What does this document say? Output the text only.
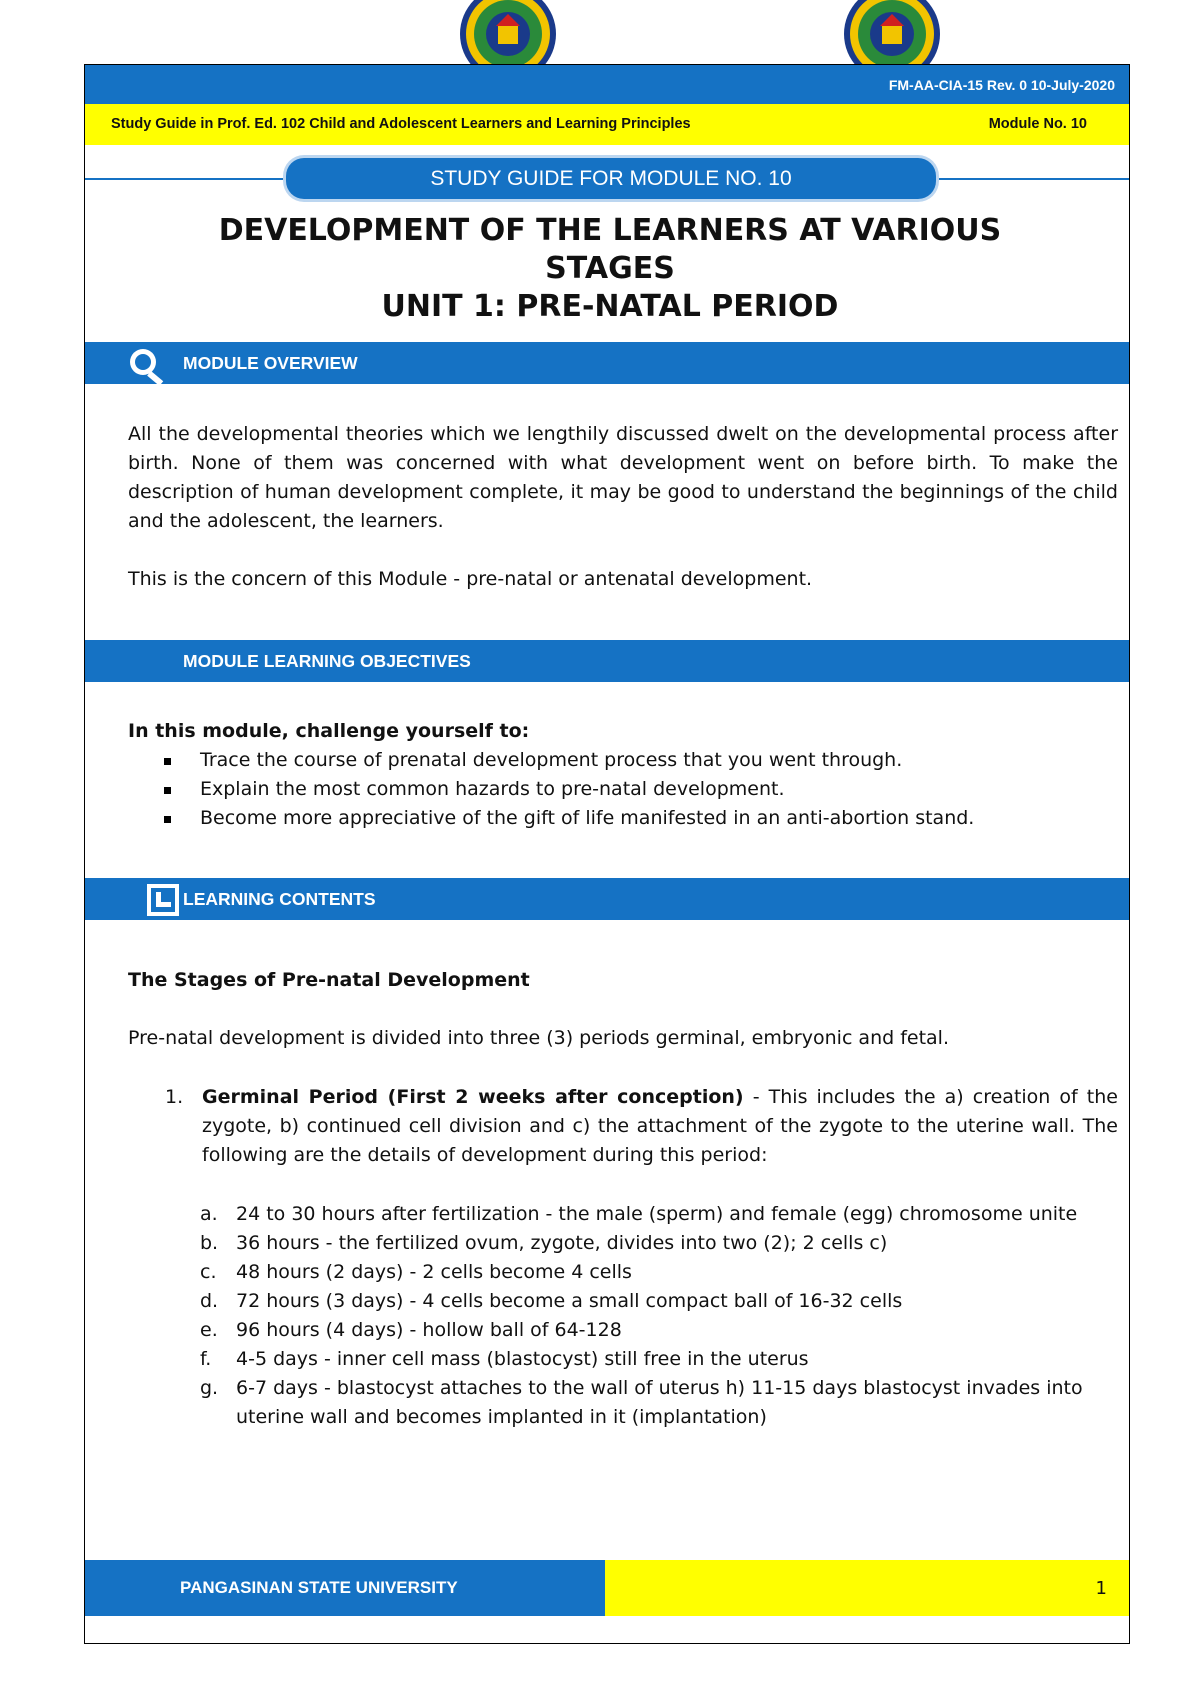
FM-AA-CIA-15 Rev. 0 10-July-2020
Study Guide in Prof. Ed. 102 Child and Adolescent Learners and Learning Principles	Module No. 10
STUDY GUIDE FOR MODULE NO. 10
DEVELOPMENT OF THE LEARNERS AT VARIOUS
STAGES
UNIT 1: PRE-NATAL PERIOD
MODULE OVERVIEW

All the developmental theories which we lengthily discussed dwelt on the developmental process after birth. None of them was concerned with what development went on before birth. To make the description of human development complete, it may be good to understand the beginnings of the child and the adolescent, the learners.

This is the concern of this Module - pre-natal or antenatal development.

MODULE LEARNING OBJECTIVES
In this module, challenge yourself to:
Trace the course of prenatal development process that you went through.
Explain the most common hazards to pre-natal development.
Become more appreciative of the gift of life manifested in an anti-abortion stand.
LEARNING CONTENTS
The Stages of Pre-natal Development

Pre-natal development is divided into three (3) periods germinal, embryonic and fetal.

1. Germinal Period (First 2 weeks after conception) - This includes the a) creation of the zygote, b) continued cell division and c) the attachment of the zygote to the uterine wall. The following are the details of development during this period:
a. 24 to 30 hours after fertilization - the male (sperm) and female (egg) chromosome unite
b. 36 hours - the fertilized ovum, zygote, divides into two (2); 2 cells c)
c. 48 hours (2 days) - 2 cells become 4 cells
d. 72 hours (3 days) - 4 cells become a small compact ball of 16-32 cells
e. 96 hours (4 days) - hollow ball of 64-128
f. 4-5 days - inner cell mass (blastocyst) still free in the uterus
g. 6-7 days - blastocyst attaches to the wall of uterus h) 11-15 days blastocyst invades into uterine wall and becomes implanted in it (implantation)
PANGASINAN STATE UNIVERSITY	1
